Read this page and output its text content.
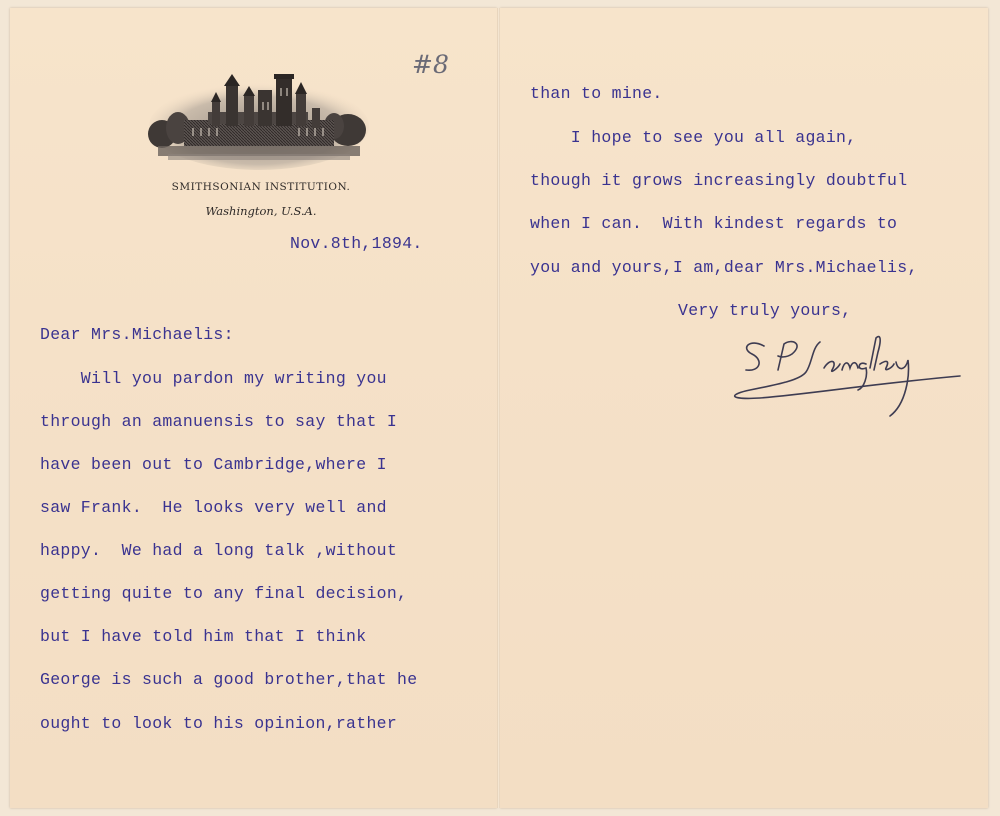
#8
SMITHSONIAN INSTITUTION.
Washington, U.S.A.
Nov.8th,1894.
Dear Mrs.Michaelis:
Will you pardon my writing you
through an amanuensis to say that I
have been out to Cambridge,where I
saw Frank.  He looks very well and
happy.  We had a long talk ,without
getting quite to any final decision,
but I have told him that I think
George is such a good brother,that he
ought to look to his opinion,rather
than to mine.
I hope to see you all again,
though it grows increasingly doubtful
when I can.  With kindest regards to
you and yours,I am,dear Mrs.Michaelis,
Very truly yours,
